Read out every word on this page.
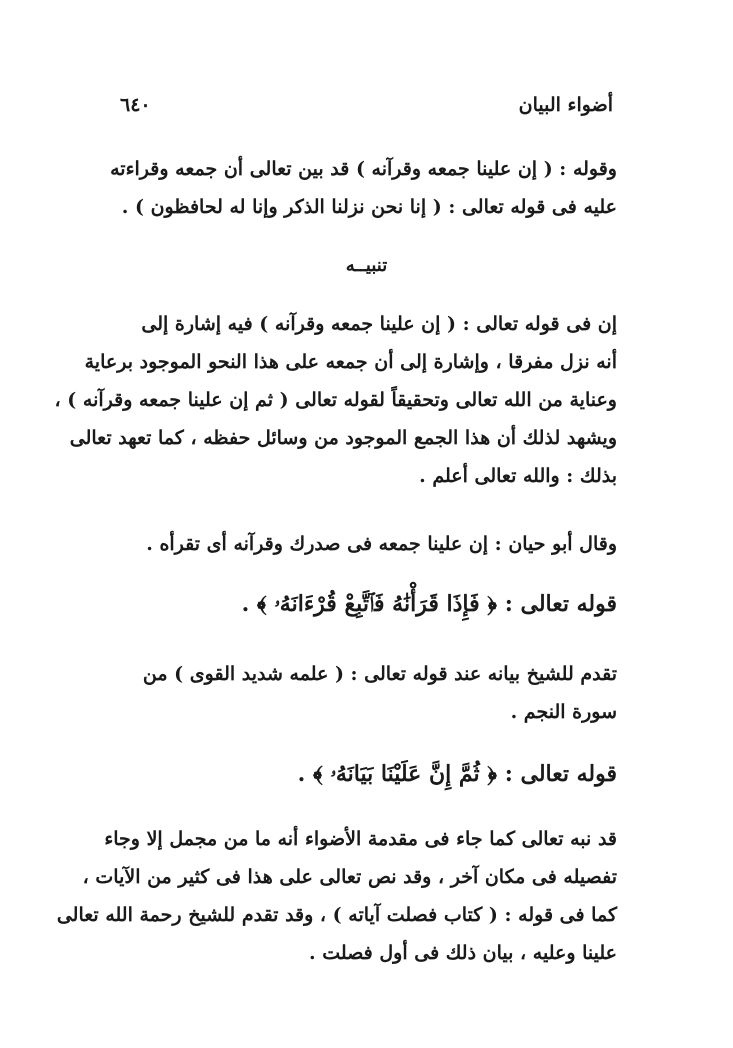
٦٤٠	أضواء البيان
وقوله : ( إن علينا جمعه وقرآنه ) قد بين تعالى أن جمعه وقراءته
عليه فى قوله تعالى : ( إنا نحن نزلنا الذكر وإنا له لحافظون ) .
تنبيــه
إن فى قوله تعالى : ( إن علينا جمعه وقرآنه ) فيه إشارة إلى
أنه نزل مفرقا ، وإشارة إلى أن جمعه على هذا النحو الموجود برعاية
وعناية من الله تعالى وتحقيقاً لقوله تعالى ( ثم إن علينا جمعه وقرآنه ) ،
ويشهد لذلك أن هذا الجمع الموجود من وسائل حفظه ، كما تعهد تعالى
بذلك : والله تعالى أعلم .
وقال أبو حيان : إن علينا جمعه فى صدرك وقرآنه أى تقرأه .
قوله تعالى : ﴿ فَإِذَا قَرَأْنَٰهُ فَٱتَّبِعْ قُرْءَانَهُۥ ﴾ .
تقدم للشيخ بيانه عند قوله تعالى : ( علمه شديد القوى ) من
سورة النجم .
قوله تعالى : ﴿ ثُمَّ إِنَّ عَلَيْنَا بَيَانَهُۥ ﴾ .
قد نبه تعالى كما جاء فى مقدمة الأضواء أنه ما من مجمل إلا وجاء
تفصيله فى مكان آخر ، وقد نص تعالى على هذا فى كثير من الآيات ،
كما فى قوله : ( كتاب فصلت آياته ) ، وقد تقدم للشيخ رحمة الله تعالى
علينا وعليه ، بيان ذلك فى أول فصلت .
